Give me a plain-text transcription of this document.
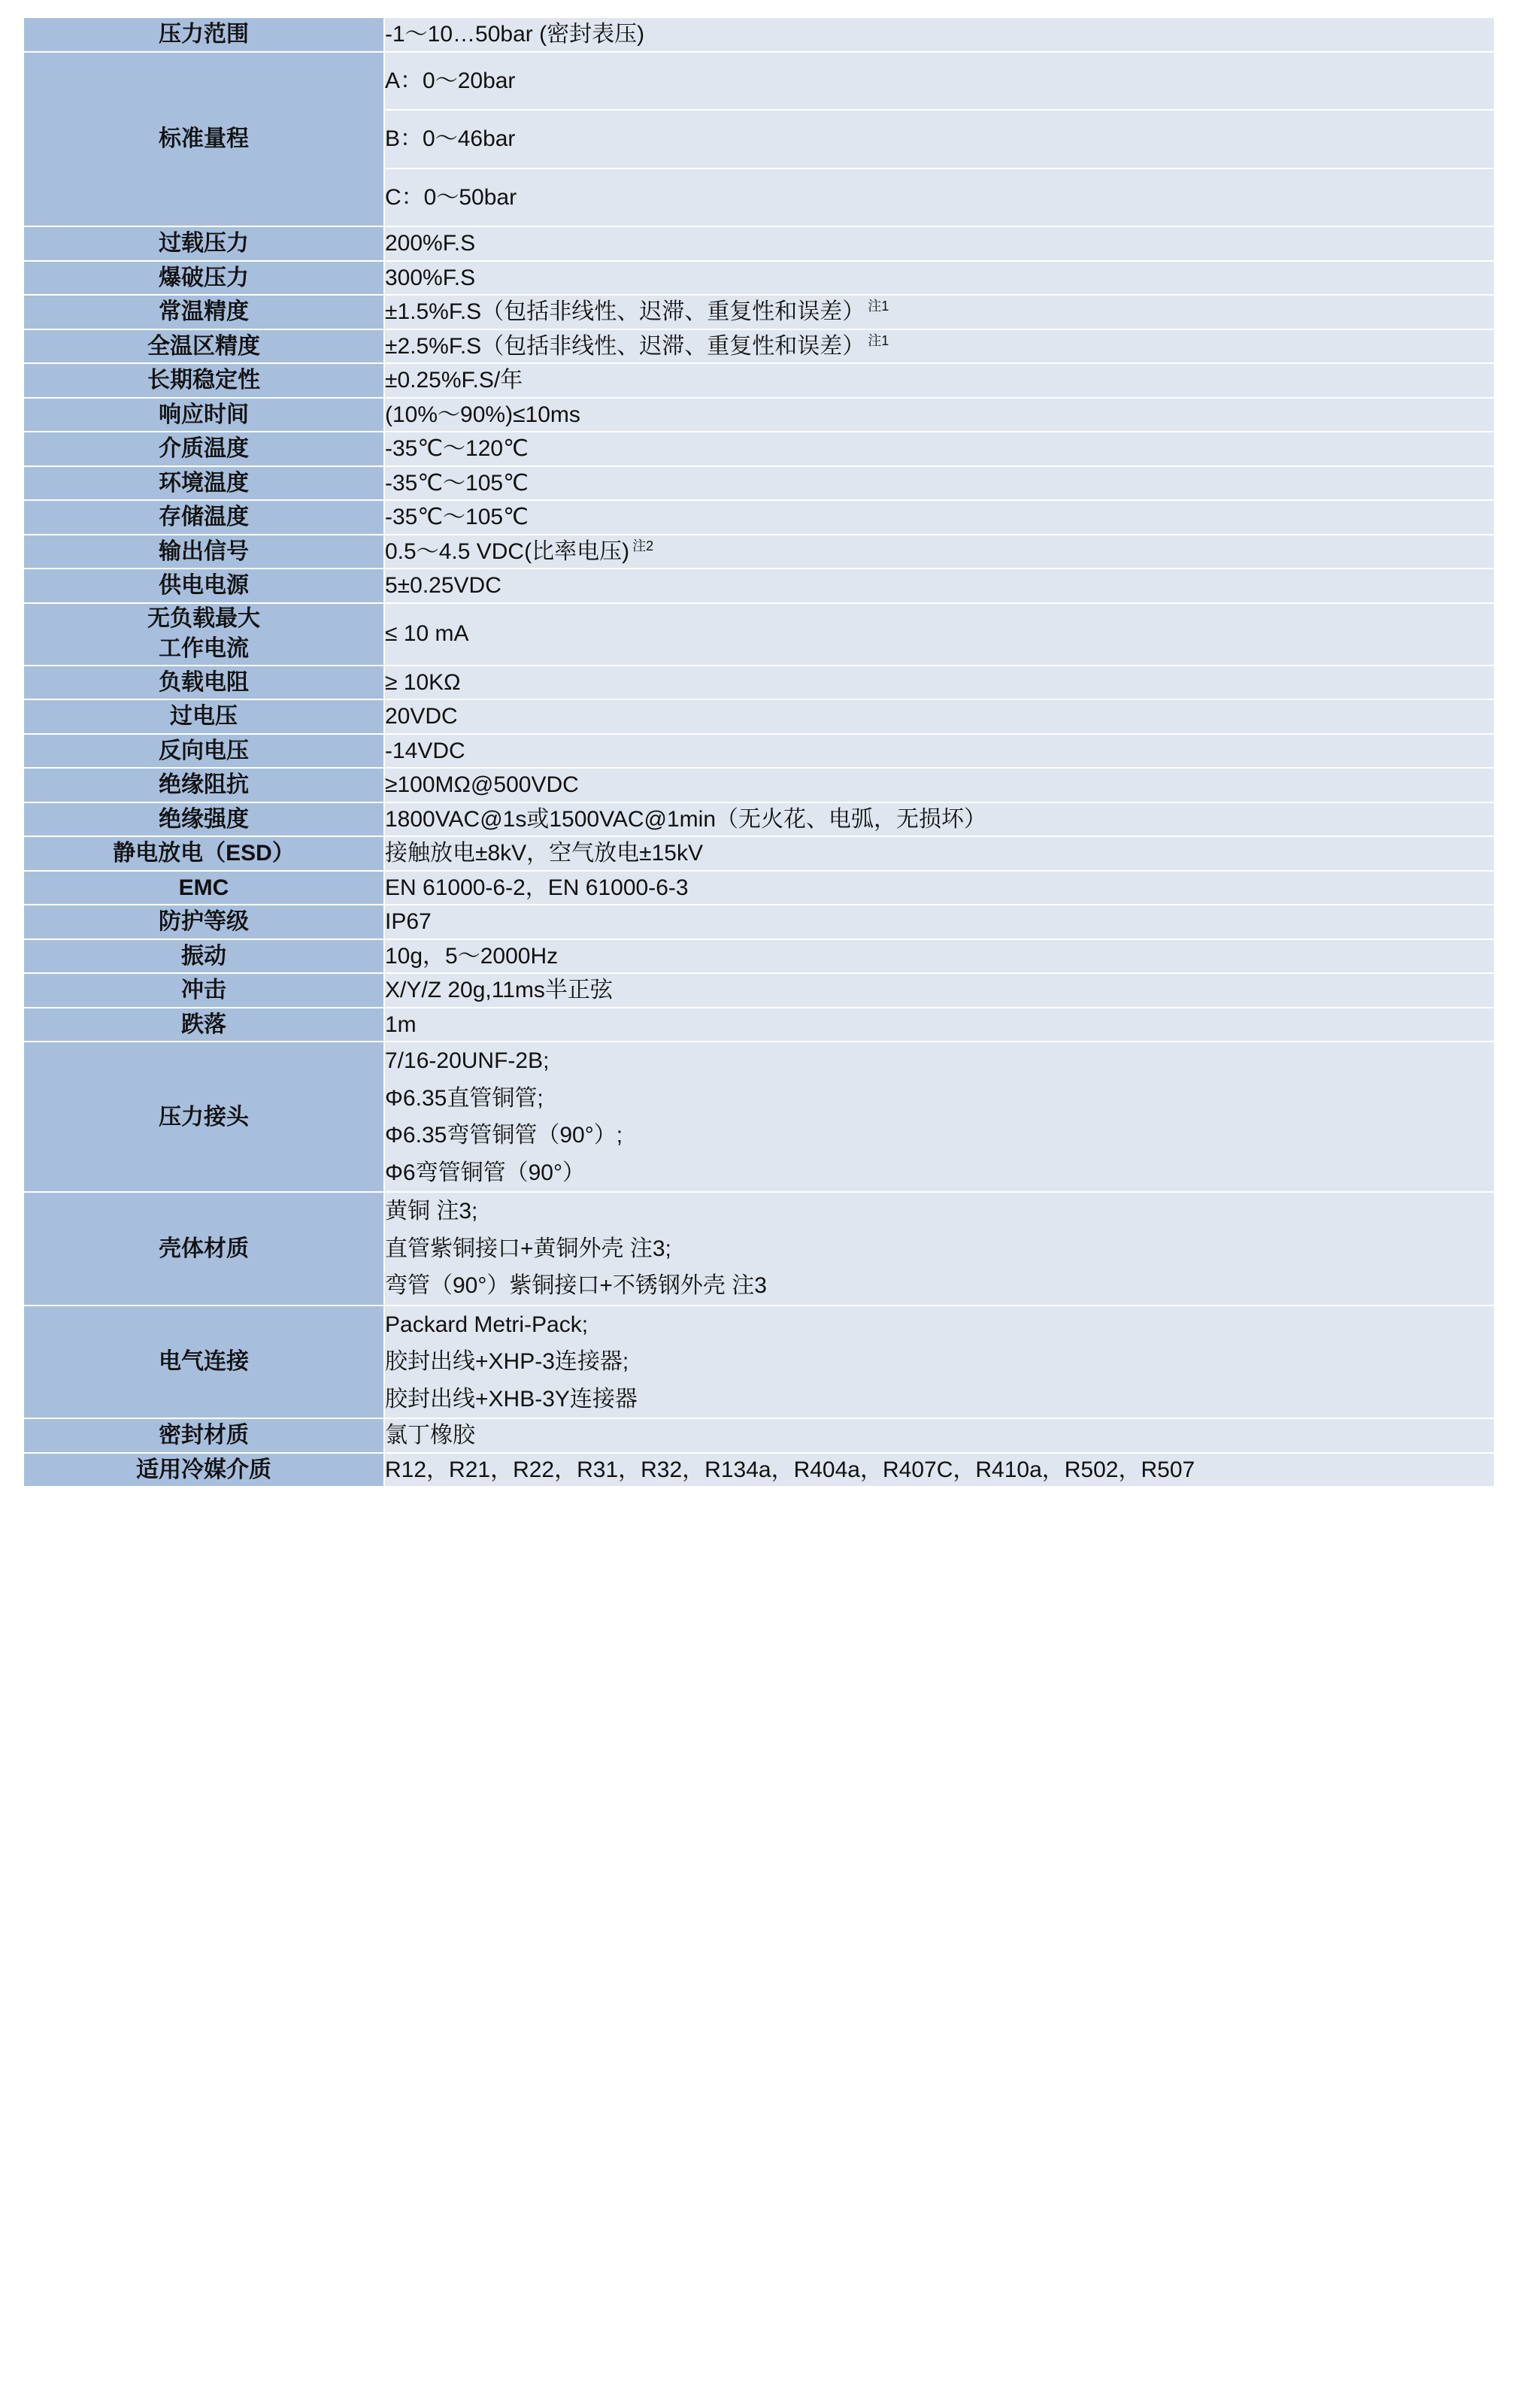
压力范围	-1～10…50bar (密封表压)
标准量程	A：0～20bar
	B：0～46bar
	C：0～50bar
过载压力	200%F.S
爆破压力	300%F.S
常温精度	±1.5%F.S（包括非线性、迟滞、重复性和误差） $^{注1}$
全温区精度	±2.5%F.S（包括非线性、迟滞、重复性和误差） $^{注1}$
长期稳定性	±0.25%F.S/年
响应时间	(10%～90%)≤10ms
介质温度	-35℃～120℃
环境温度	-35℃～105℃
存储温度	-35℃～105℃
输出信号	0.5～4.5 VDC(比率电压) $^{注2}$
供电电源	5±0.25VDC

无负载最大
工作电流	≤ 10 mA
负载电阻	≥ 10KΩ
过电压	20VDC
反向电压	-14VDC
绝缘阻抗	≥100MΩ@500VDC
绝缘强度	1800VAC@1s或1500VAC@1min（无火花、电弧，无损坏）
静电放电（ESD）	接触放电±8kV，空气放电±15kV
EMC	EN 61000-6-2，EN 61000-6-3
防护等级	IP67
振动	10g，5～2000Hz
冲击	X/Y/Z 20g,11ms半正弦
跌落	1m
压力接头	7/16-20UNF-2B;
Φ6.35直管铜管;
Φ6.35弯管铜管（90°）;
Φ6弯管铜管（90°）

壳体材质	黄铜 注3;
直管紫铜接口+黄铜外壳 注3;
弯管（90°）紫铜接口+不锈钢外壳 注3

电气连接	Packard Metri-Pack;
胶封出线+XHP-3连接器;
胶封出线+XHB-3Y连接器

密封材质	氯丁橡胶
适用冷媒介质	R12，R21，R22，R31，R32，R134a，R404a，R407C，R410a，R502，R507
